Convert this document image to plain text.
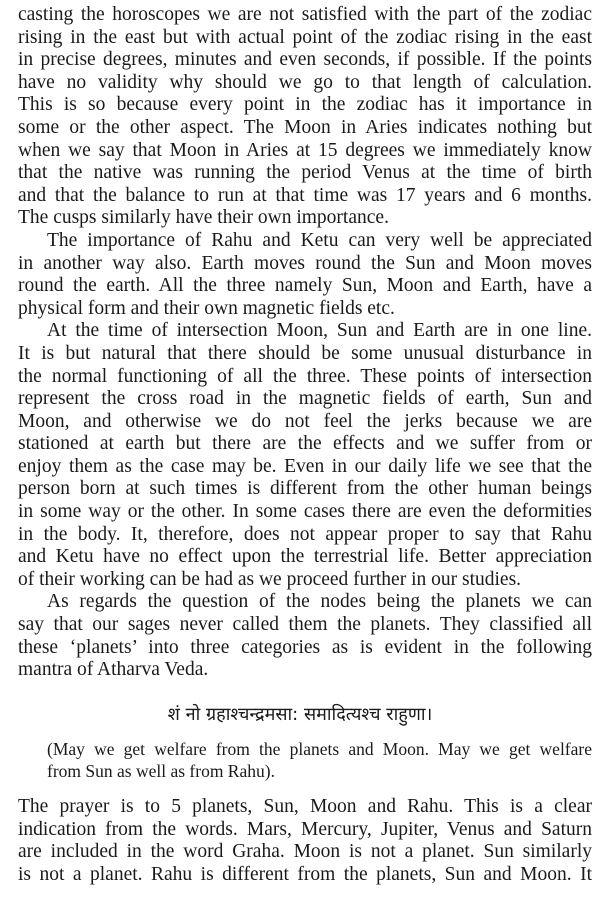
casting the horoscopes we are not satisfied with the part of the zodiac
rising in the east but with actual point of the zodiac rising in the east
in precise degrees, minutes and even seconds, if possible. If the points
have no validity why should we go to that length of calculation.
This is so because every point in the zodiac has it importance in
some or the other aspect. The Moon in Aries indicates nothing but
when we say that Moon in Aries at 15 degrees we immediately know
that the native was running the period Venus at the time of birth
and that the balance to run at that time was 17 years and 6 months.
The cusps similarly have their own importance.
The importance of Rahu and Ketu can very well be appreciated
in another way also. Earth moves round the Sun and Moon moves
round the earth. All the three namely Sun, Moon and Earth, have a
physical form and their own magnetic fields etc.
At the time of intersection Moon, Sun and Earth are in one line.
It is but natural that there should be some unusual disturbance in
the normal functioning of all the three. These points of intersection
represent the cross road in the magnetic fields of earth, Sun and
Moon, and otherwise we do not feel the jerks because we are
stationed at earth but there are the effects and we suffer from or
enjoy them as the case may be. Even in our daily life we see that the
person born at such times is different from the other human beings
in some way or the other. In some cases there are even the deformities
in the body. It, therefore, does not appear proper to say that Rahu
and Ketu have no effect upon the terrestrial life. Better appreciation
of their working can be had as we proceed further in our studies.
As regards the question of the nodes being the planets we can
say that our sages never called them the planets. They classified all
these ‘planets’ into three categories as is evident in the following
mantra of Atharva Veda.
शं नो ग्रहाश्चन्द्रमसा: समादित्यश्च राहुणा।
(May we get welfare from the planets and Moon. May we get welfare
from Sun as well as from Rahu).
The prayer is to 5 planets, Sun, Moon and Rahu. This is a clear
indication from the words. Mars, Mercury, Jupiter, Venus and Saturn
are included in the word Graha. Moon is not a planet. Sun similarly
is not a planet. Rahu is different from the planets, Sun and Moon. It
